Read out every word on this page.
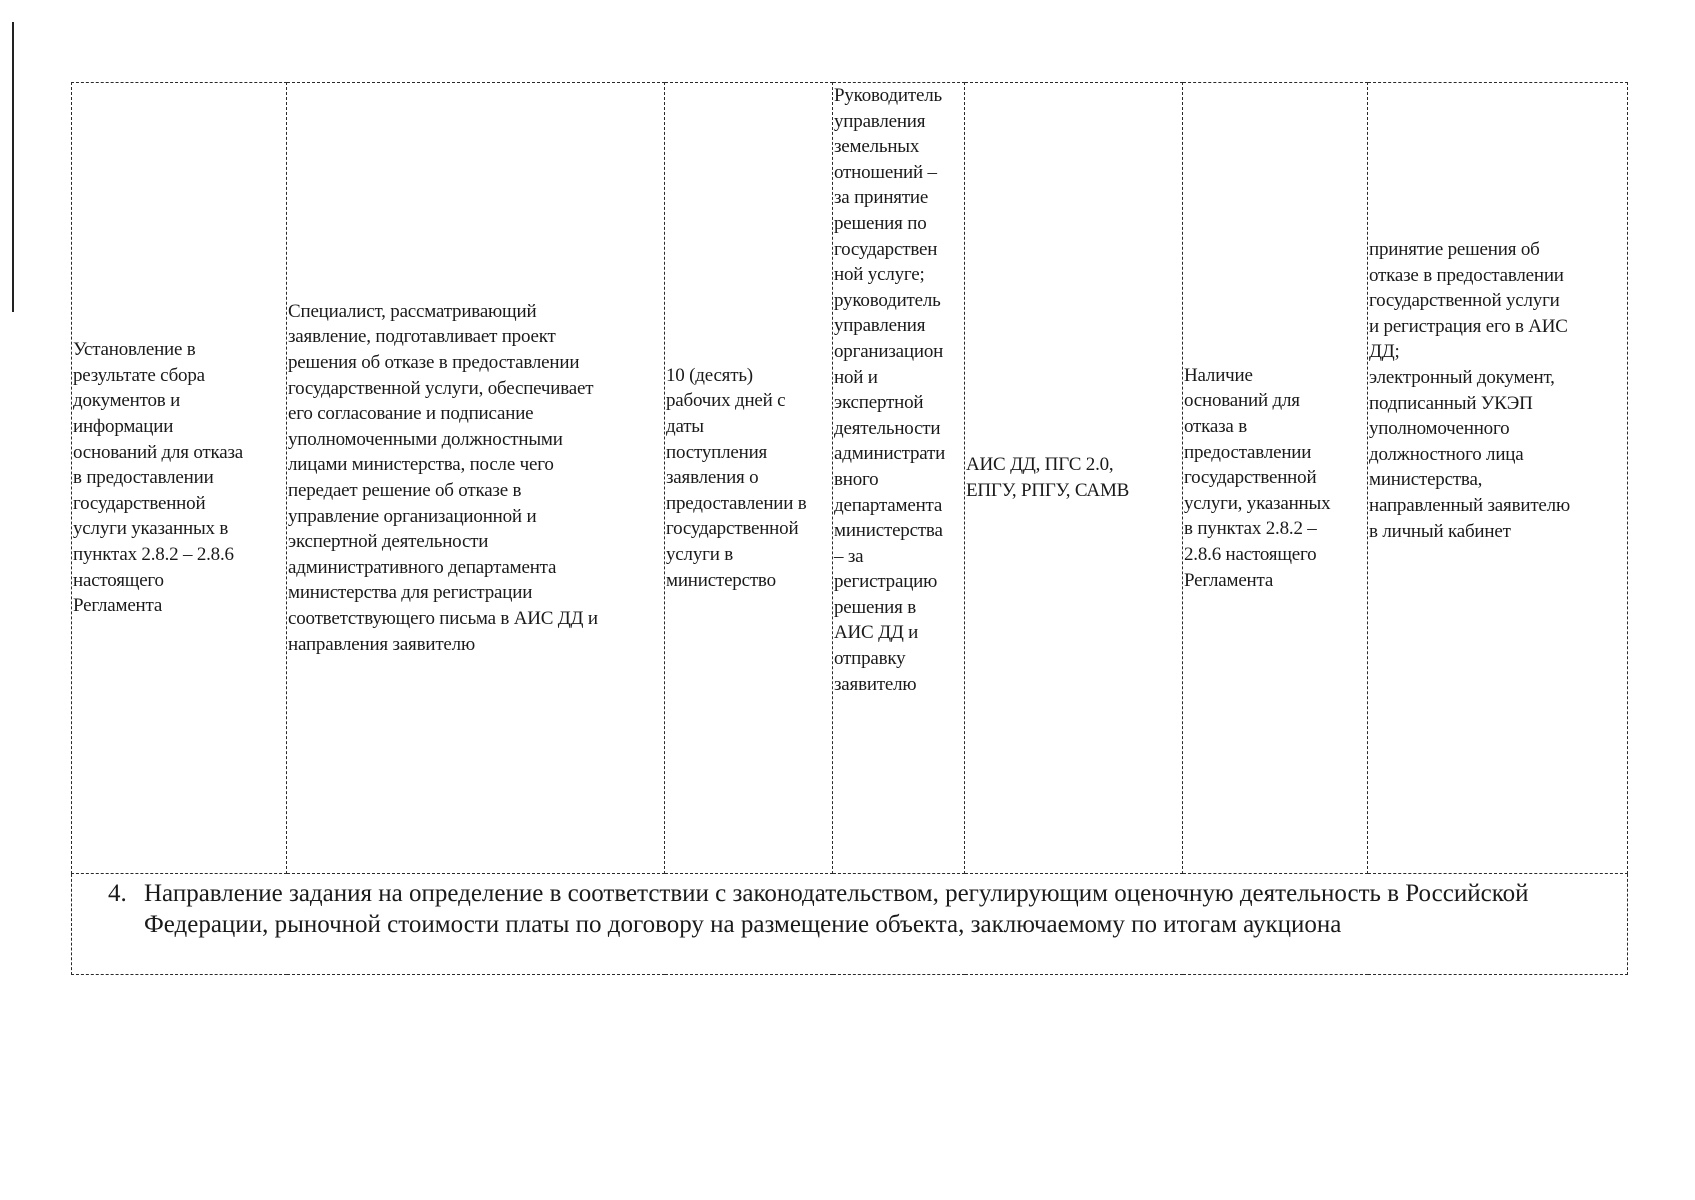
Установление в
результате сбора
документов и
информации
оснований для отказа
в предоставлении
государственной
услуги указанных в
пунктах 2.8.2 – 2.8.6
настоящего
Регламента

Специалист, рассматривающий
заявление, подготавливает проект
решения об отказе в предоставлении
государственной услуги, обеспечивает
его согласование и подписание
уполномоченными должностными
лицами министерства, после чего
передает решение об отказе в
управление организационной и
экспертной деятельности
административного департамента
министерства для регистрации
соответствующего письма в АИС ДД и
направления заявителю

10 (десять)
рабочих дней с
даты
поступления
заявления о
предоставлении в
государственной
услуги в
министерство

Руководитель
управления
земельных
отношений –
за принятие
решения по
государствен
ной услуге;
руководитель
управления
организацион
ной и
экспертной
деятельности
администрати
вного
департамента
министерства
– за
регистрацию
решения в
АИС ДД и
отправку
заявителю

АИС ДД, ПГС 2.0,
ЕПГУ, РПГУ, САМВ

Наличие
оснований для
отказа в
предоставлении
государственной
услуги, указанных
в пунктах 2.8.2 –
2.8.6 настоящего
Регламента

принятие решения об
отказе в предоставлении
государственной услуги
и регистрация его в АИС
ДД;
электронный документ,
подписанный УКЭП
уполномоченного
должностного лица
министерства,
направленный заявителю
в личный кабинет

4. Направление задания на определение в соответствии с законодательством, регулирующим оценочную деятельность в Российской Федерации, рыночной стоимости платы по договору на размещение объекта, заключаемому по итогам аукциона
